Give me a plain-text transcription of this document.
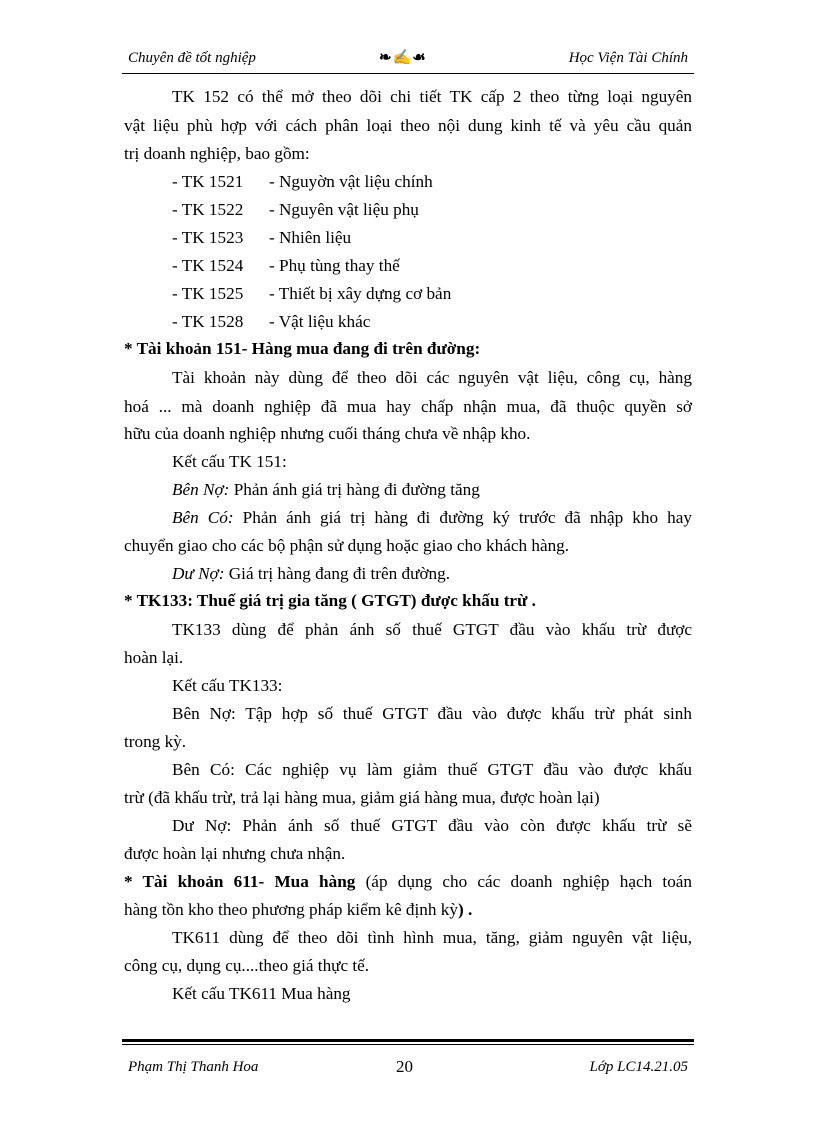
Chuyên đề tốt nghiệp	❧✍☙	Học Viện Tài Chính
TK 152 có thể mở theo dõi chi tiết TK cấp 2 theo từng loại nguyên
vật liệu phù hợp với cách phân loại theo nội dung kinh tế và yêu cầu quản
trị doanh nghiệp, bao gồm:
- TK 1521 - Nguyờn vật liệu chính
- TK 1522 - Nguyên vật liệu phụ
- TK 1523 - Nhiên liệu
- TK 1524 - Phụ tùng thay thế
- TK 1525 - Thiết bị xây dựng cơ bản
- TK 1528 - Vật liệu khác
* Tài khoản 151- Hàng mua đang đi trên đường:
Tài khoản này dùng để theo dõi các nguyên vật liệu, công cụ, hàng
hoá ... mà doanh nghiệp đã mua hay chấp nhận mua, đã thuộc quyền sở
hữu của doanh nghiệp nhưng cuối tháng chưa về nhập kho.
Kết cấu TK 151:
Bên Nợ: Phản ánh giá trị hàng đi đường tăng
Bên Có: Phản ánh giá trị hàng đi đường ký trước đã nhập kho hay
chuyển giao cho các bộ phận sử dụng hoặc giao cho khách hàng.
Dư Nợ: Giá trị hàng đang đi trên đường.
* TK133: Thuế giá trị gia tăng ( GTGT) được khấu trừ .
TK133 dùng để phản ánh số thuế GTGT đầu vào khấu trừ được
hoàn lại.
Kết cấu TK133:
Bên Nợ: Tập hợp số thuế GTGT đầu vào được khấu trừ phát sinh
trong kỳ.
Bên Có: Các nghiệp vụ làm giảm thuế GTGT đầu vào được khấu
trừ (đã khấu trừ, trả lại hàng mua, giảm giá hàng mua, được hoàn lại)
Dư Nợ: Phản ánh số thuế GTGT đầu vào còn được khấu trừ sẽ
được hoàn lại nhưng chưa nhận.
* Tài khoản 611- Mua hàng (áp dụng cho các doanh nghiệp hạch toán
hàng tồn kho theo phương pháp kiểm kê định kỳ) .
TK611 dùng để theo dõi tình hình mua, tăng, giảm nguyên vật liệu,
công cụ, dụng cụ....theo giá thực tế.
Kết cấu TK611 Mua hàng
Phạm Thị Thanh Hoa	20	Lớp LC14.21.05
